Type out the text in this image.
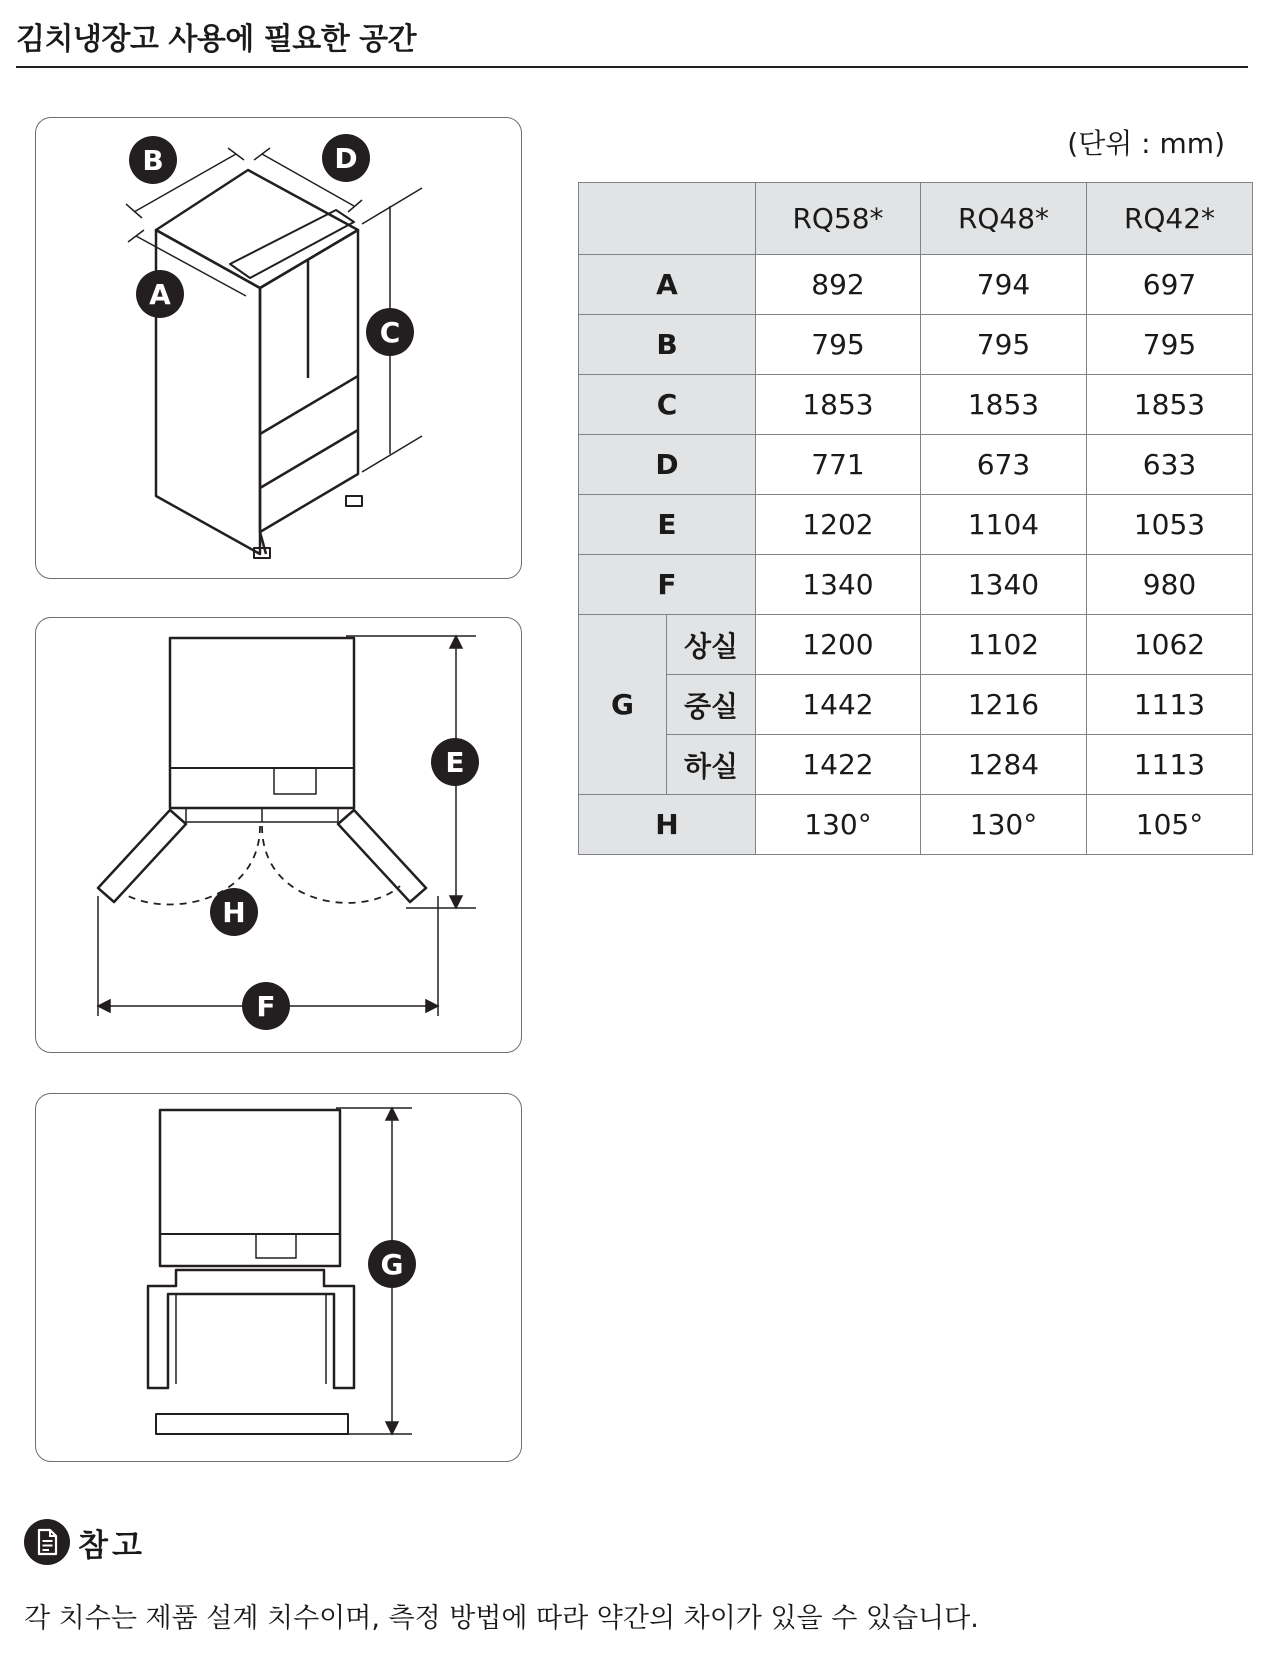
김치냉장고 사용에 필요한 공간
(단위 : mm)
B	D
A
C
E
H
F
G
		RQ58*	RQ48*	RQ42*
A		892	794	697
B		795	795	795
C		1853	1853	1853
D		771	673	633
E		1202	1104	1053
F		1340	1340	980
G	상실	1200	1102	1062
	중실	1442	1216	1113
	하실	1422	1284	1113
H		130°	130°	105°
참고
각 치수는 제품 설계 치수이며, 측정 방법에 따라 약간의 차이가 있을 수 있습니다.
